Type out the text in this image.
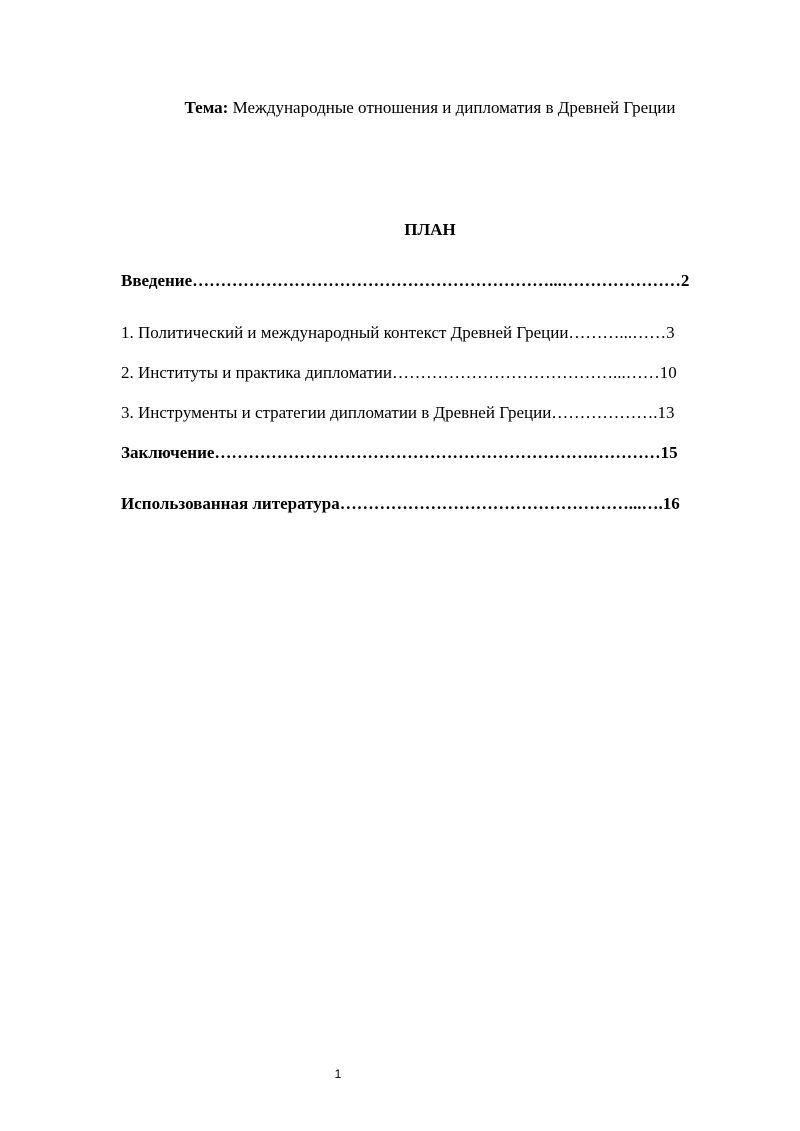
Тема: Международные отношения и дипломатия в Древней Греции
ПЛАН
Введение………………………………………………………...…………………2
1. Политический и международный контекст Древней Греции………...……3
2. Институты и практика дипломатии…………………………………...……10
3. Инструменты и стратегии дипломатии в Древней Греции……………….13
Заключение………………………………………………………….…………15
Использованная литература……………………………………………...….16
1
